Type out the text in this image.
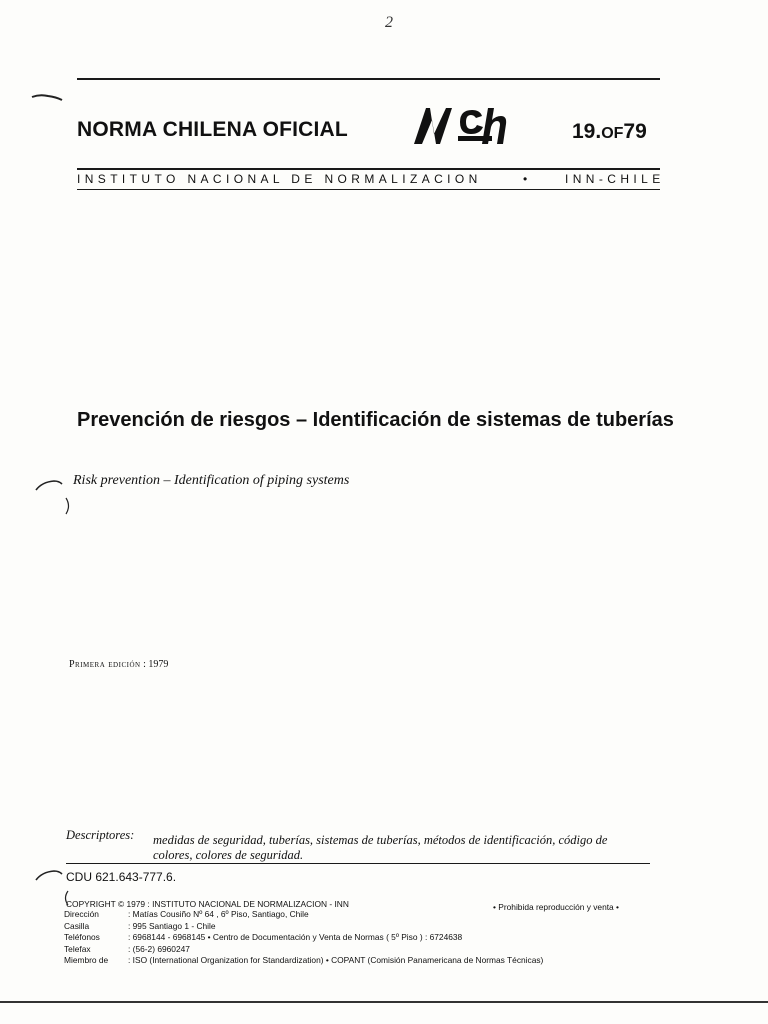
2
NORMA CHILENA OFICIAL	19.OF79
INSTITUTO NACIONAL DE NORMALIZACION	•	INN-CHILE
Prevención de riesgos – Identificación de sistemas de tuberías
Risk prevention – Identification of piping systems
Primera edición : 1979
Descriptores: medidas de seguridad, tuberías, sistemas de tuberías, métodos de identificación, código de
colores, colores de seguridad.
CDU 621.643-777.6.
COPYRIGHT © 1979 : INSTITUTO NACIONAL DE NORMALIZACION - INN	• Prohibida reproducción y venta •
Dirección	: Matías Cousiño Nº 64 , 6º Piso, Santiago, Chile
Casilla	: 995 Santiago 1 - Chile
Teléfonos	: 6968144 - 6968145 • Centro de Documentación y Venta de Normas ( 5º Piso ) : 6724638
Telefax	: (56-2) 6960247
Miembro de	: ISO (International Organization for Standardization) • COPANT (Comisión Panamericana de Normas Técnicas)
